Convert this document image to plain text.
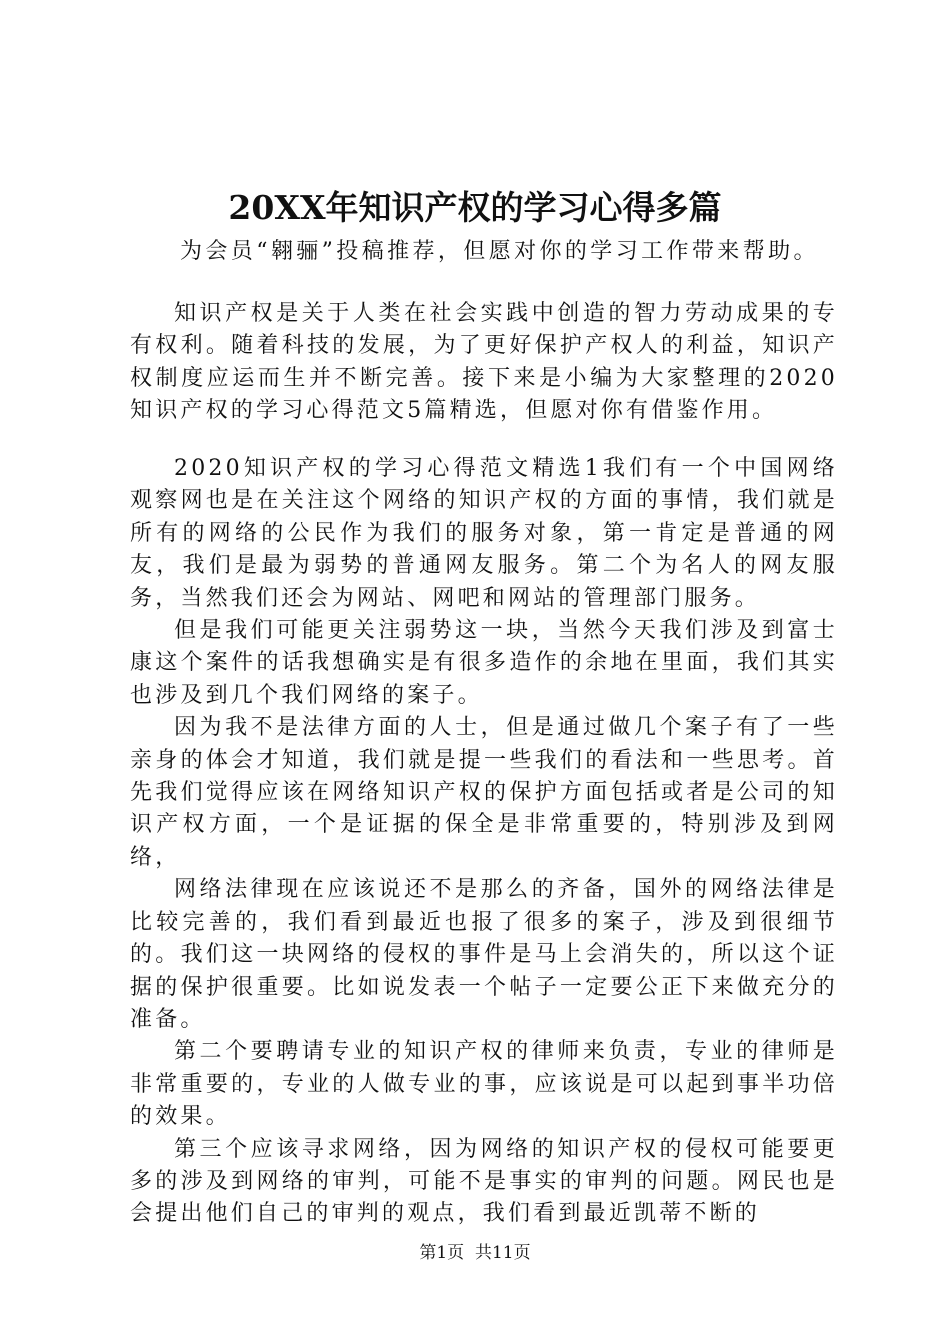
20XX年知识产权的学习心得多篇
为会员“翱骊”投稿推荐，但愿对你的学习工作带来帮助。

知识产权是关于人类在社会实践中创造的智力劳动成果的专有权利。随着科技的发展，为了更好保护产权人的利益，知识产权制度应运而生并不断完善。接下来是小编为大家整理的2020知识产权的学习心得范文5篇精选，但愿对你有借鉴作用。

2020知识产权的学习心得范文精选1我们有一个中国网络观察网也是在关注这个网络的知识产权的方面的事情，我们就是所有的网络的公民作为我们的服务对象，第一肯定是普通的网友，我们是最为弱势的普通网友服务。第二个为名人的网友服务，当然我们还会为网站、网吧和网站的管理部门服务。

但是我们可能更关注弱势这一块，当然今天我们涉及到富士康这个案件的话我想确实是有很多造作的余地在里面，我们其实也涉及到几个我们网络的案子。

因为我不是法律方面的人士，但是通过做几个案子有了一些亲身的体会才知道，我们就是提一些我们的看法和一些思考。首先我们觉得应该在网络知识产权的保护方面包括或者是公司的知识产权方面，一个是证据的保全是非常重要的，特别涉及到网络，

网络法律现在应该说还不是那么的齐备，国外的网络法律是比较完善的，我们看到最近也报了很多的案子，涉及到很细节的。我们这一块网络的侵权的事件是马上会消失的，所以这个证据的保护很重要。比如说发表一个帖子一定要公正下来做充分的准备。

第二个要聘请专业的知识产权的律师来负责，专业的律师是非常重要的，专业的人做专业的事，应该说是可以起到事半功倍的效果。

第三个应该寻求网络，因为网络的知识产权的侵权可能要更多的涉及到网络的审判，可能不是事实的审判的问题。网民也是会提出他们自己的审判的观点，我们看到最近凯蒂不断的

第1页  共11页
